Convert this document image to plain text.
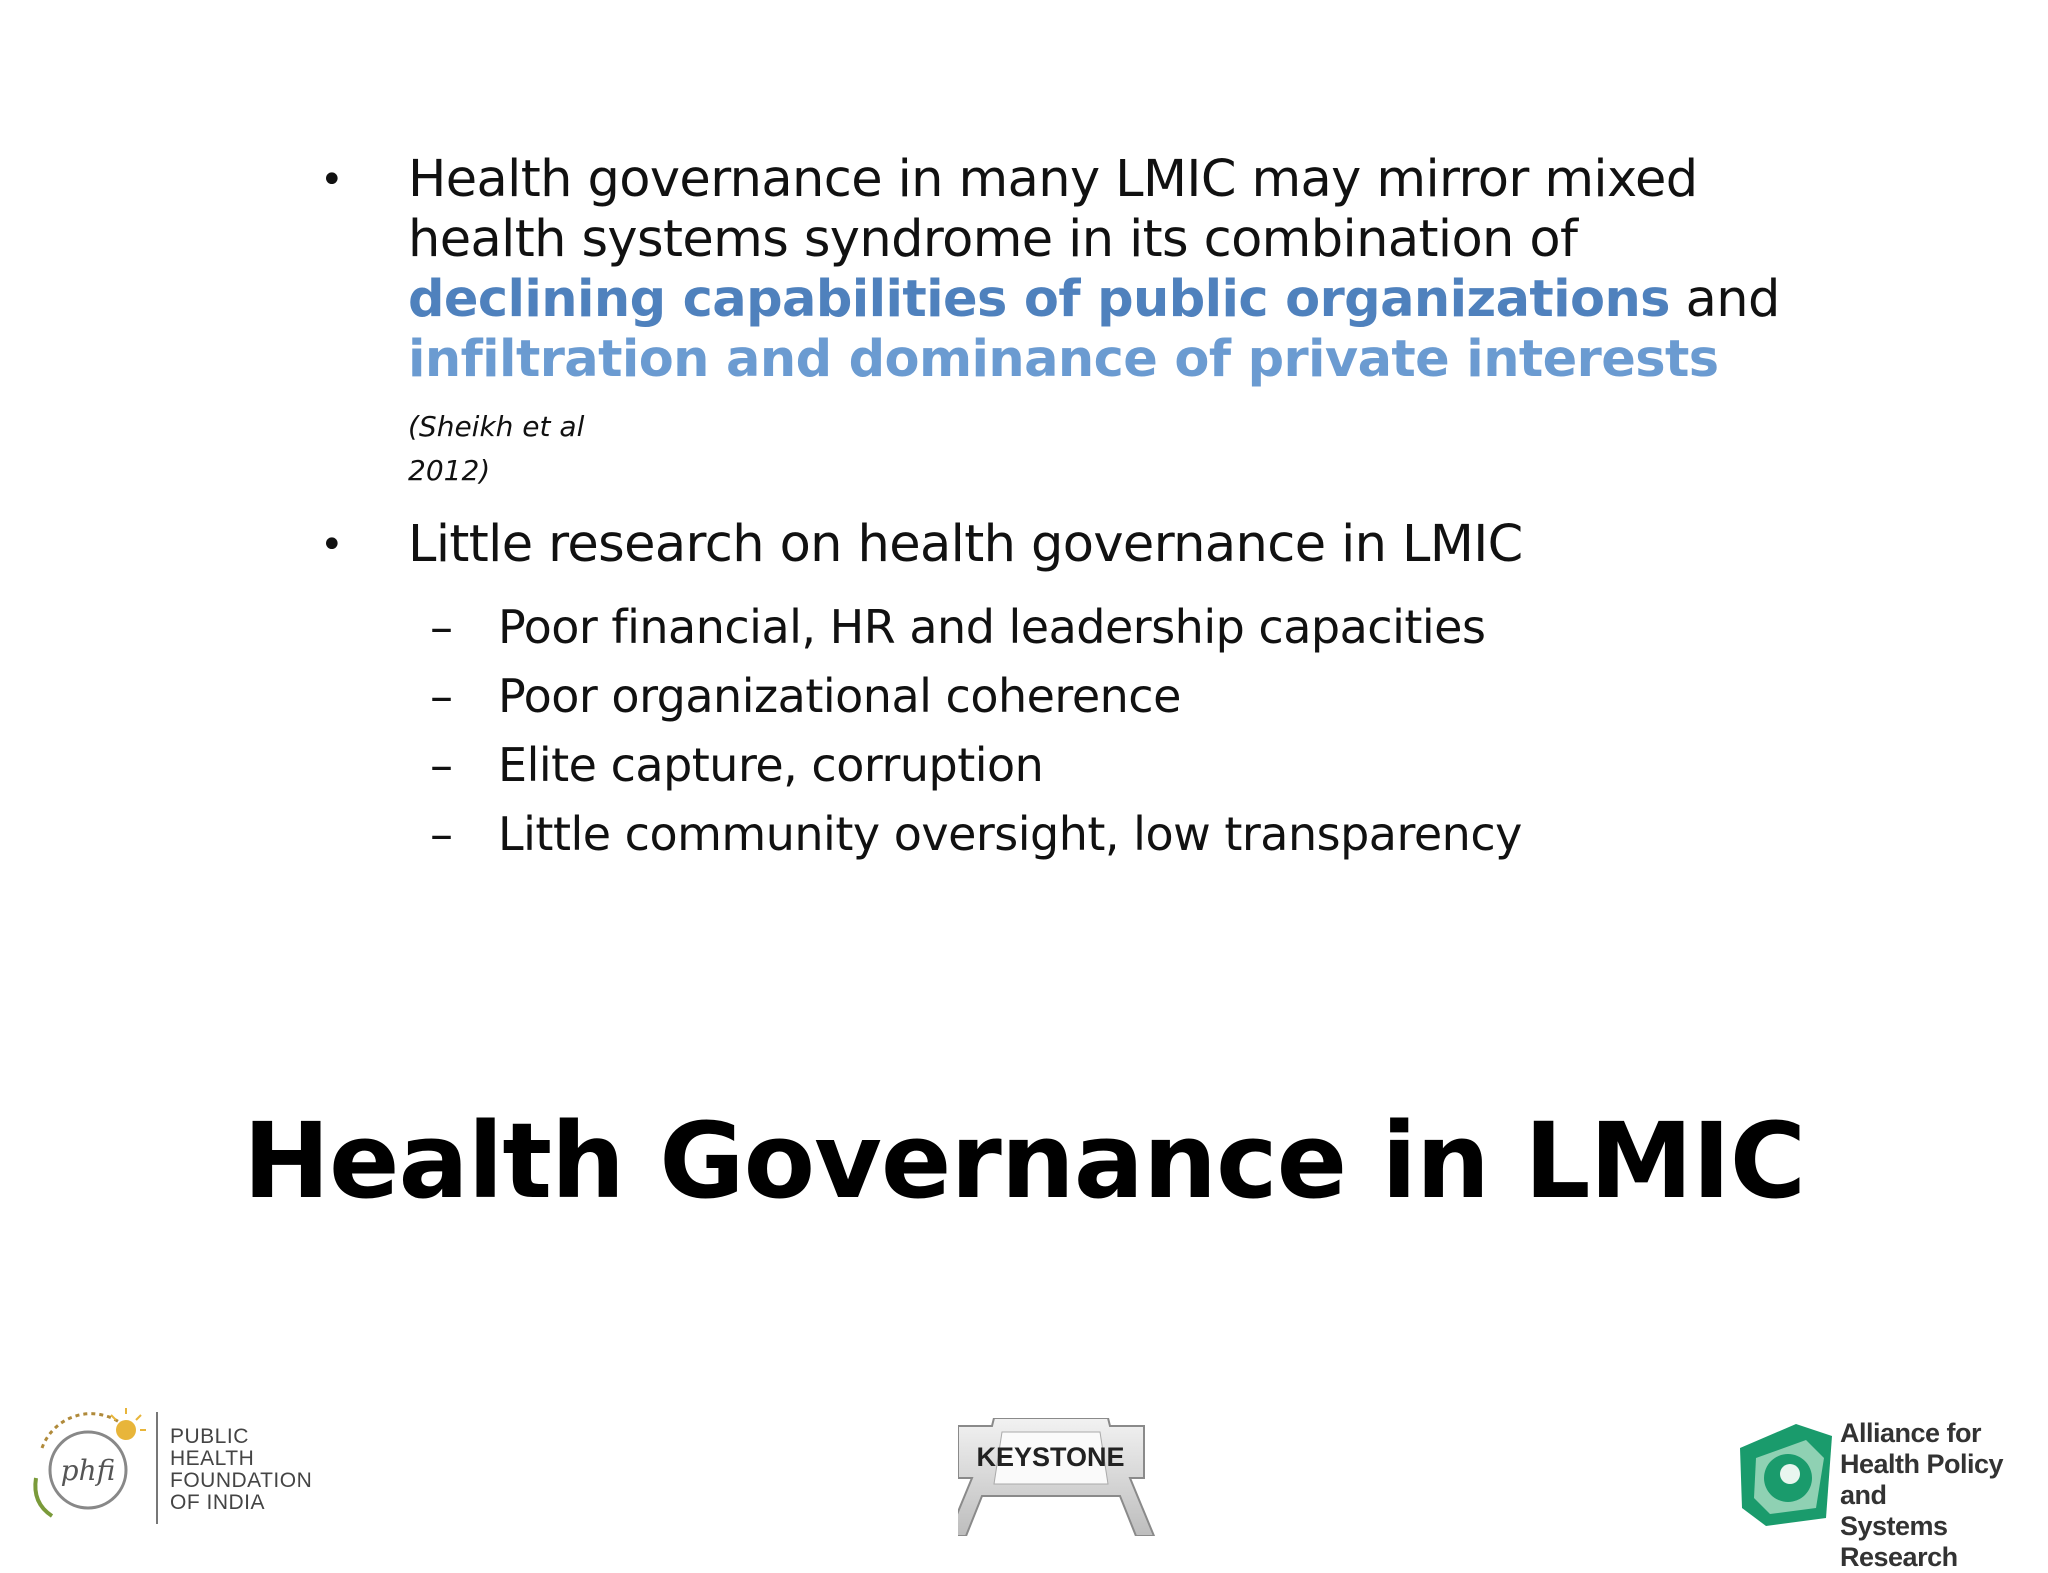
•	Health governance in many LMIC may mirror mixed health systems syndrome in its combination of declining capabilities of public organizations and infiltration and dominance of private interests (Sheikh et al
2012)
•	Little research on health governance in LMIC
– Poor financial, HR and leadership capacities
– Poor organizational coherence
– Elite capture, corruption
– Little community oversight, low transparency
Health Governance in LMIC
phfi
PUBLIC
HEALTH
FOUNDATION
OF INDIA
KEYSTONE
Alliance for
Health Policy and
Systems Research
